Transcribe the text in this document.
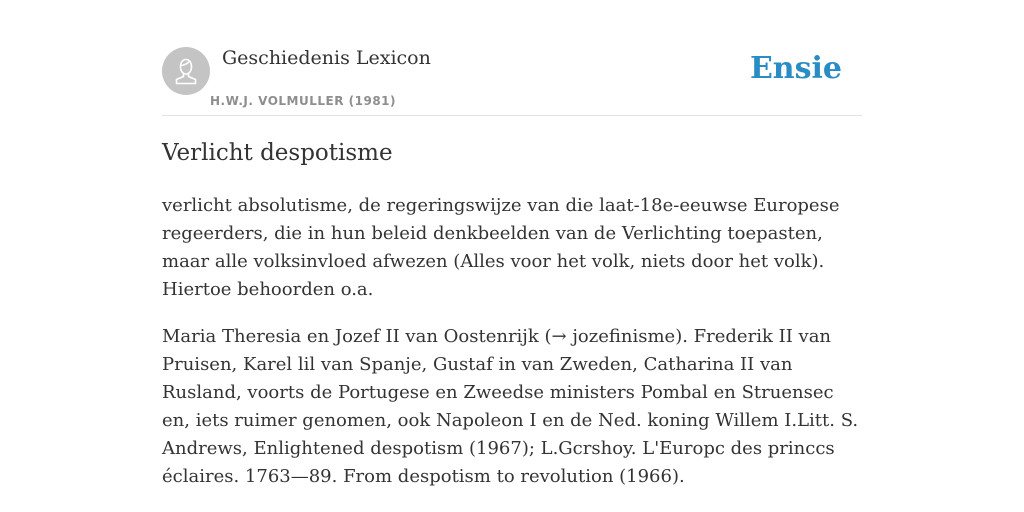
Geschiedenis Lexicon
H.W.J. VOLMULLER (1981)
Ensie
Verlicht despotisme

verlicht absolutisme, de regeringswijze van die laat-18e-eeuwse Europese regeerders, die in hun beleid denkbeelden van de Verlichting toepasten, maar alle volksinvloed afwezen (Alles voor het volk, niets door het volk). Hiertoe behoorden o.a.

Maria Theresia en Jozef II van Oostenrijk (→ jozefinisme). Frederik II van Pruisen, Karel lil van Spanje, Gustaf in van Zweden, Catharina II van Rusland, voorts de Portugese en Zweedse ministers Pombal en Struensec en, iets ruimer genomen, ook Napoleon I en de Ned. koning Willem I.Litt. S. Andrews, Enlightened despotism (1967); L.Gcrshoy. L'Europc des princcs éclaires. 1763—89. From despotism to revolution (1966).
